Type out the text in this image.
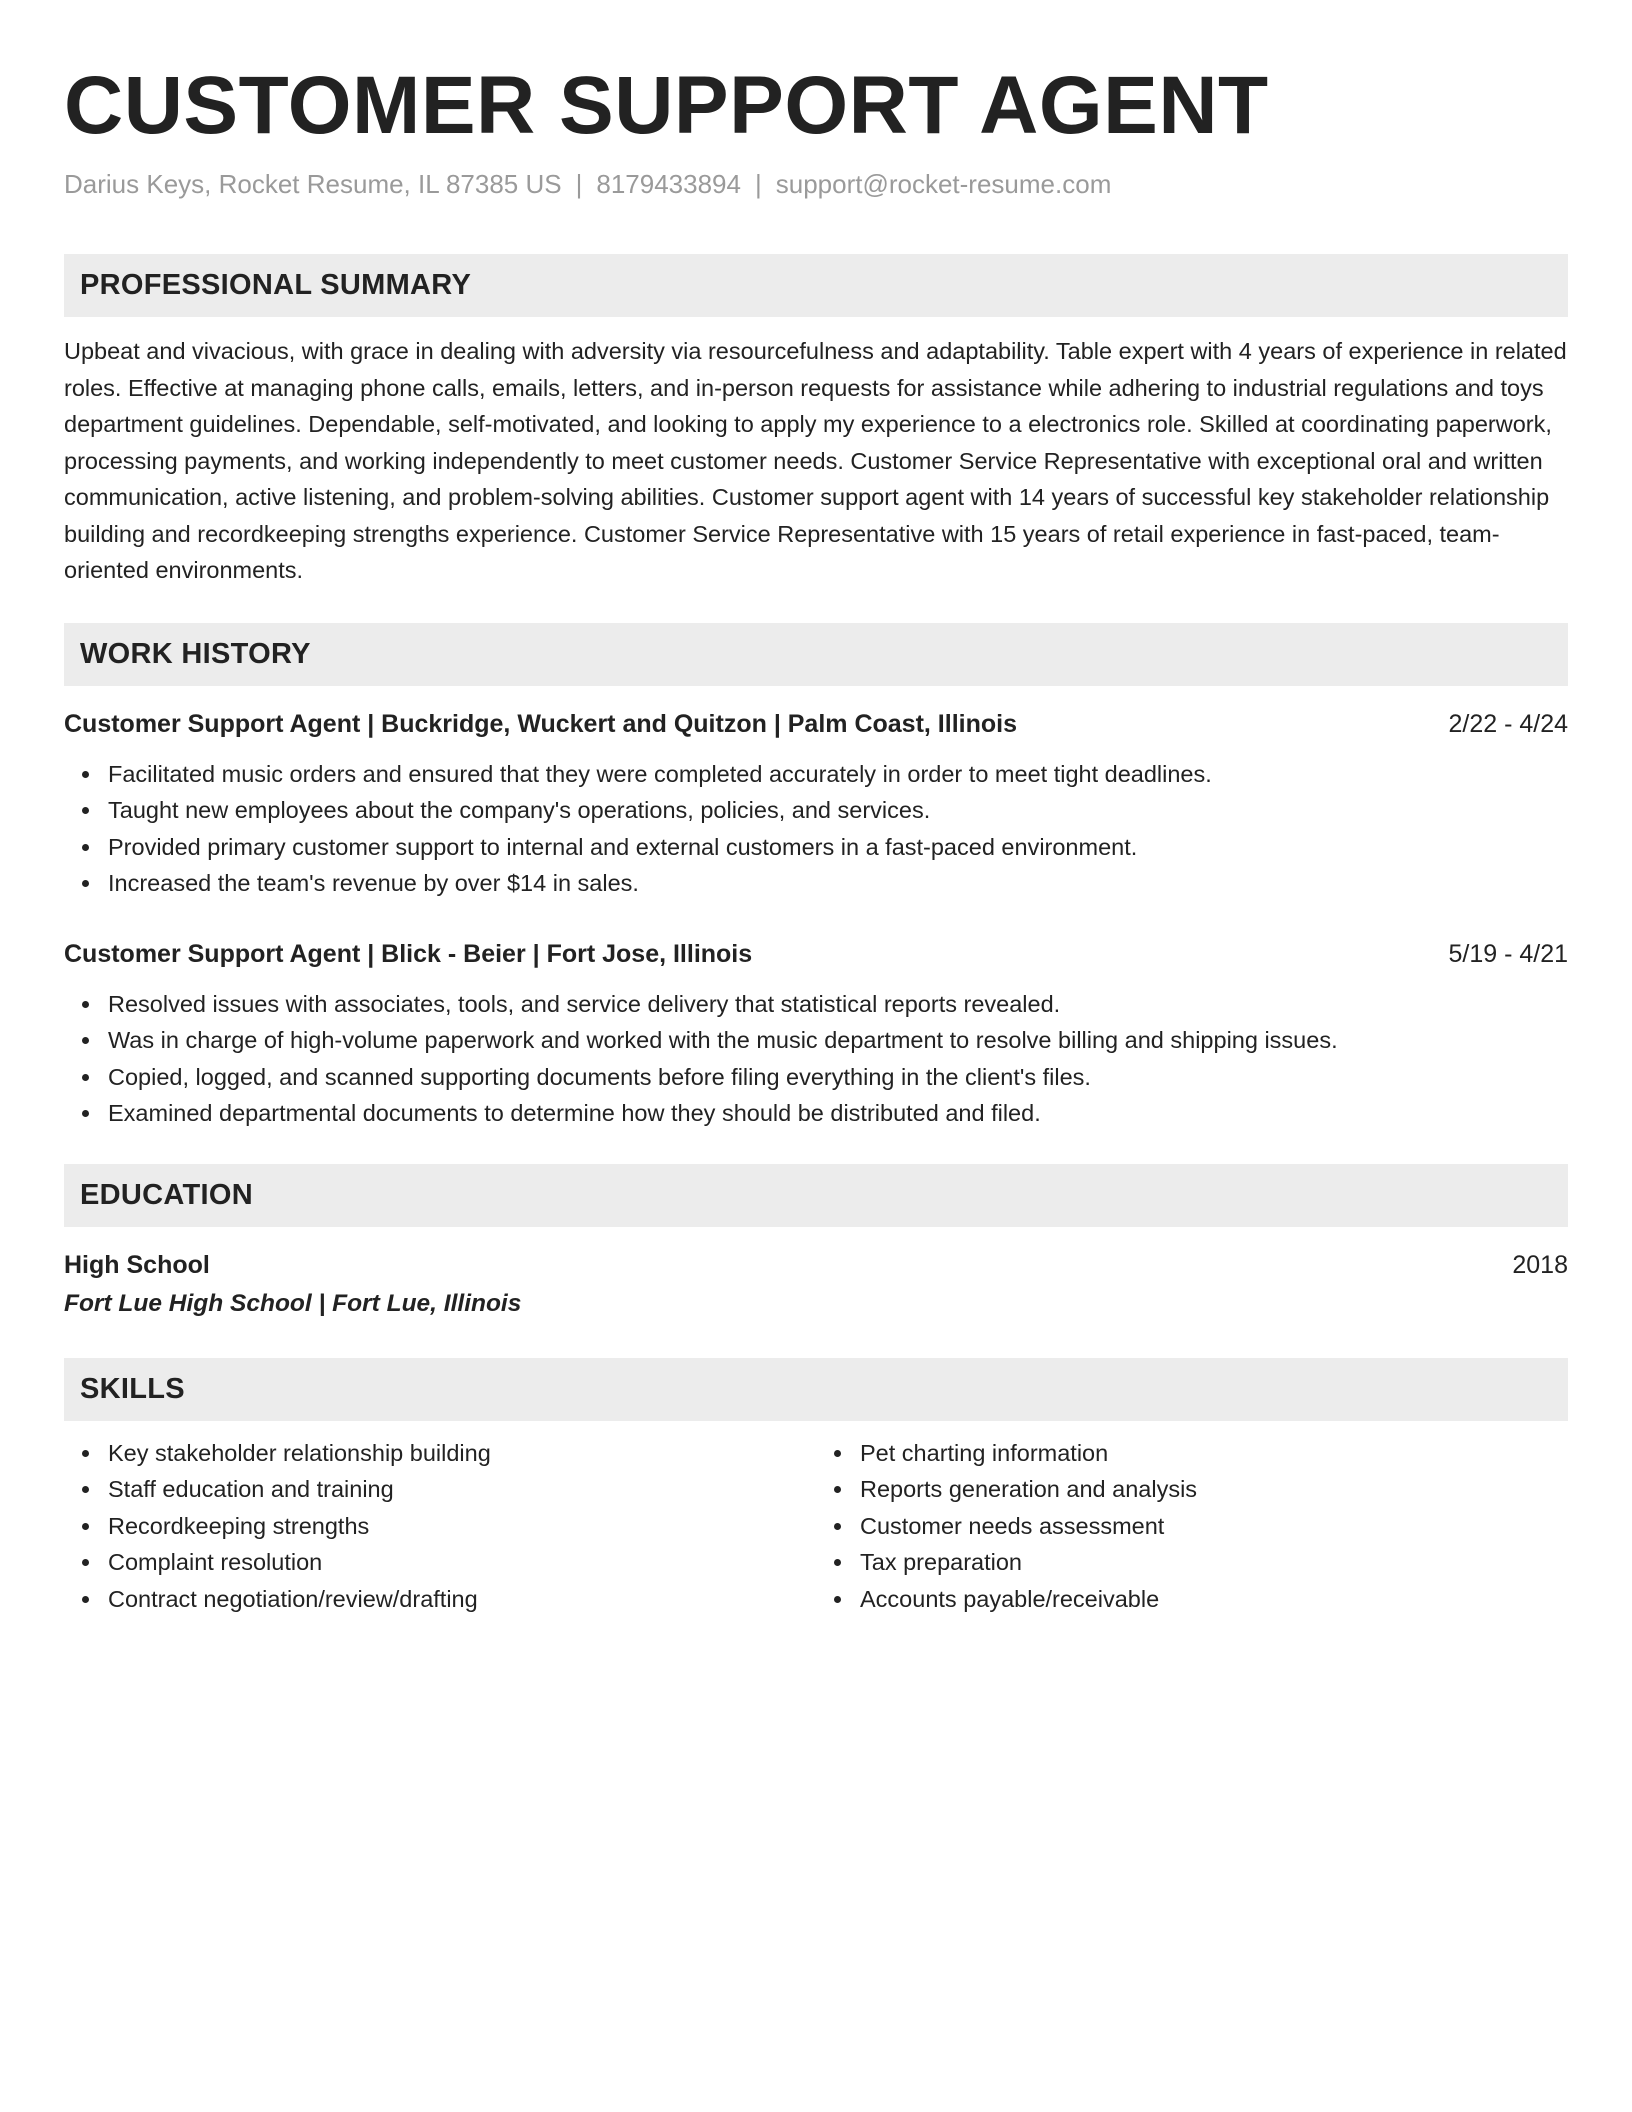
CUSTOMER SUPPORT AGENT
Darius Keys, Rocket Resume, IL 87385 US | 8179433894 | support@rocket-resume.com
PROFESSIONAL SUMMARY
Upbeat and vivacious, with grace in dealing with adversity via resourcefulness and adaptability. Table expert with 4 years of experience in related roles. Effective at managing phone calls, emails, letters, and in-person requests for assistance while adhering to industrial regulations and toys department guidelines. Dependable, self-motivated, and looking to apply my experience to a electronics role. Skilled at coordinating paperwork, processing payments, and working independently to meet customer needs. Customer Service Representative with exceptional oral and written communication, active listening, and problem-solving abilities. Customer support agent with 14 years of successful key stakeholder relationship building and recordkeeping strengths experience. Customer Service Representative with 15 years of retail experience in fast-paced, team-oriented environments.
WORK HISTORY
Customer Support Agent | Buckridge, Wuckert and Quitzon | Palm Coast, Illinois	2/22 - 4/24
Facilitated music orders and ensured that they were completed accurately in order to meet tight deadlines.
Taught new employees about the company's operations, policies, and services.
Provided primary customer support to internal and external customers in a fast-paced environment.
Increased the team's revenue by over $14 in sales.
Customer Support Agent | Blick - Beier | Fort Jose, Illinois	5/19 - 4/21
Resolved issues with associates, tools, and service delivery that statistical reports revealed.
Was in charge of high-volume paperwork and worked with the music department to resolve billing and shipping issues.
Copied, logged, and scanned supporting documents before filing everything in the client's files.
Examined departmental documents to determine how they should be distributed and filed.
EDUCATION
High School	2018
Fort Lue High School | Fort Lue, Illinois
SKILLS
Key stakeholder relationship building
Staff education and training
Recordkeeping strengths
Complaint resolution
Contract negotiation/review/drafting
Pet charting information
Reports generation and analysis
Customer needs assessment
Tax preparation
Accounts payable/receivable
